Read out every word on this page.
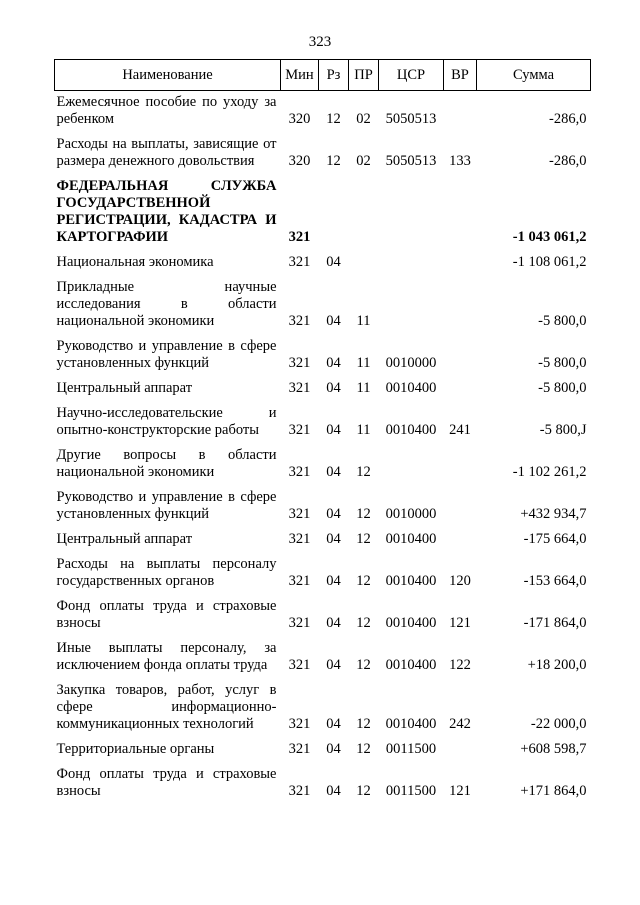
323
Наименование	Мин	Рз	ПР	ЦСР	ВР	Сумма
Ежемесячное пособие по уходу за ребенком	320	12	02	5050513		-286,0
Расходы на выплаты, зависящие от размера денежного довольствия	320	12	02	5050513	133	-286,0
ФЕДЕРАЛЬНАЯ СЛУЖБА ГОСУДАРСТВЕННОЙ РЕГИСТРАЦИИ, КАДАСТРА И КАРТОГРАФИИ	321					-1 043 061,2
Национальная экономика	321	04				-1 108 061,2
Прикладные научные исследования в области национальной экономики	321	04	11			-5 800,0
Руководство и управление в сфере установленных функций	321	04	11	0010000		-5 800,0
Центральный аппарат	321	04	11	0010400		-5 800,0
Научно-исследовательские и опытно-конструкторские работы	321	04	11	0010400	241	-5 800,J
Другие вопросы в области национальной экономики	321	04	12			-1 102 261,2
Руководство и управление в сфере установленных функций	321	04	12	0010000		+432 934,7
Центральный аппарат	321	04	12	0010400		-175 664,0
Расходы на выплаты персоналу государственных органов	321	04	12	0010400	120	-153 664,0
Фонд оплаты труда и страховые взносы	321	04	12	0010400	121	-171 864,0
Иные выплаты персоналу, за исключением фонда оплаты труда	321	04	12	0010400	122	+18 200,0
Закупка товаров, работ, услуг в сфере информационно-коммуникационных технологий	321	04	12	0010400	242	-22 000,0
Территориальные органы	321	04	12	0011500		+608 598,7
Фонд оплаты труда и страховые взносы	321	04	12	0011500	121	+171 864,0
